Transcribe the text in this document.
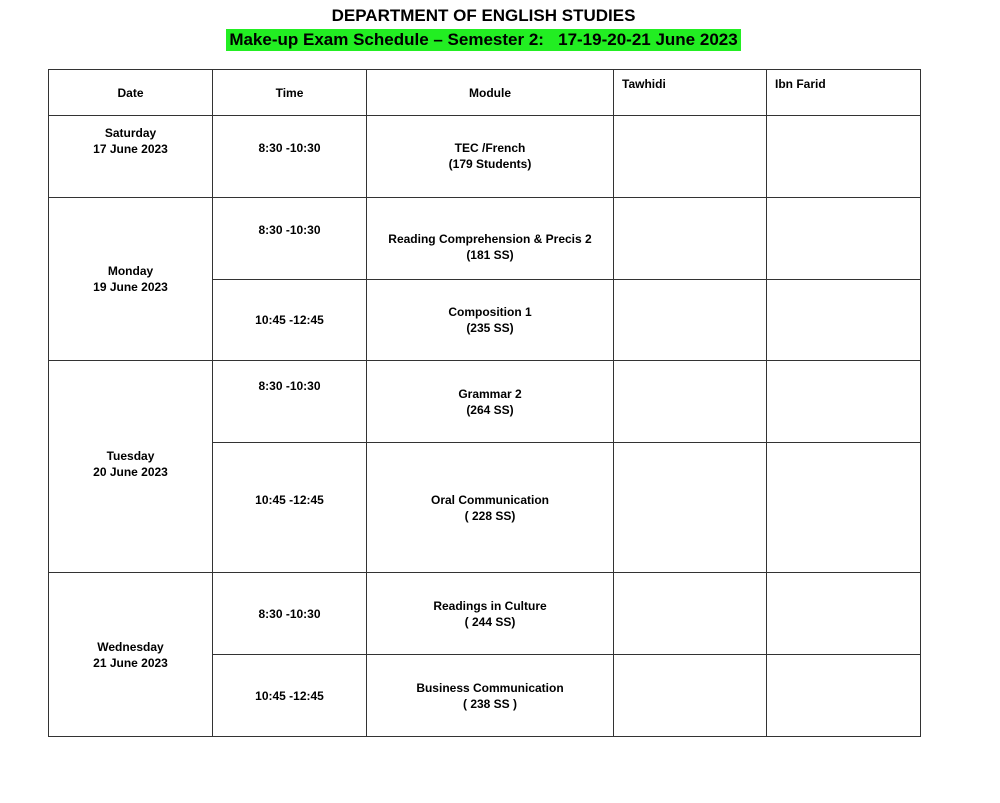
DEPARTMENT OF ENGLISH STUDIES
Make-up Exam Schedule – Semester 2:   17-19-20-21 June 2023
Date	Time	Module	Tawhidi	Ibn Farid

Saturday
17 June 2023	8:30 -10:30	TEC /French
(179 Students)		

Monday
19 June 2023	8:30 -10:30	Reading Comprehension & Precis 2
(181 SS)		

	10:45 -12:45	Composition 1
(235 SS)		

Tuesday
20 June 2023	8:30 -10:30	Grammar 2
(264 SS)		

	10:45 -12:45	Oral Communication
( 228 SS)		

Wednesday
21 June 2023	8:30 -10:30	Readings in Culture
( 244 SS)		

	10:45 -12:45	Business Communication
( 238 SS )		
